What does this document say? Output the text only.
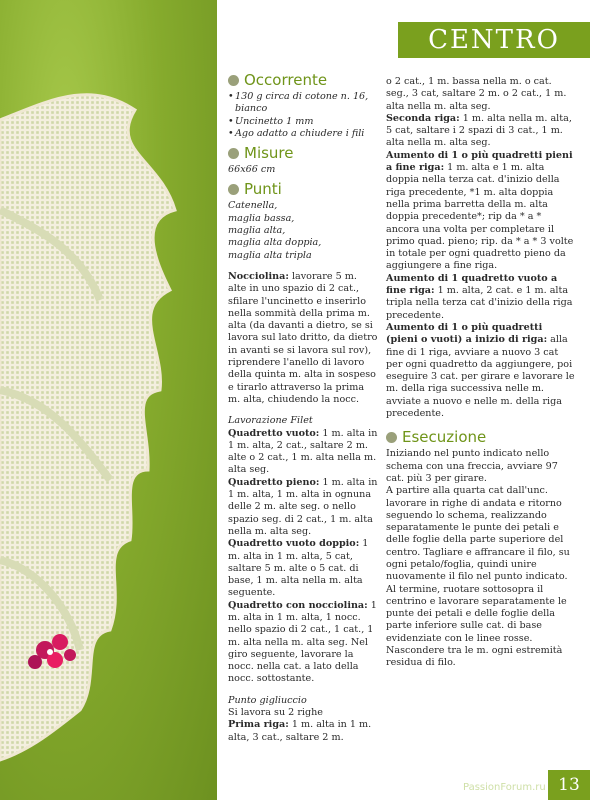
CENTRO
Occorrente
• 130 g circa di cotone n. 16, bianco
• Uncinetto 1 mm
• Ago adatto a chiudere i fili
Misure

66x66 cm

Punti

Catenella,

maglia bassa,

maglia alta,

maglia alta doppia,

maglia alta tripla

Nocciolina: lavorare 5 m. alte in uno spazio di 2 cat., sfilare l'uncinetto e inserirlo nella sommità della prima m. alta (da davanti a dietro, se si lavora sul lato dritto, da dietro in avanti se si lavora sul rov), riprendere l'anello di lavoro della quinta m. alta in sospeso e tirarlo attraverso la prima m. alta, chiudendo la nocc.

Lavorazione Filet

Quadretto vuoto: 1 m. alta in 1 m. alta, 2 cat., saltare 2 m. alte o 2 cat., 1 m. alta nella m. alta seg.

Quadretto pieno: 1 m. alta in 1 m. alta, 1 m. alta in ognuna delle 2 m. alte seg. o nello spazio seg. di 2 cat., 1 m. alta nella m. alta seg.

Quadretto vuoto doppio: 1 m. alta in 1 m. alta, 5 cat, saltare 5 m. alte o 5 cat. di base, 1 m. alta nella m. alta seguente.

Quadretto con nocciolina: 1 m. alta in 1 m. alta, 1 nocc. nello spazio di 2 cat., 1 cat., 1 m. alta nella m. alta seg. Nel giro seguente, lavorare la nocc. nella cat. a lato della nocc. sottostante.

Punto gigliuccio

Si lavora su 2 righe

Prima riga: 1 m. alta in 1 m. alta, 3 cat., saltare 2 m.

o 2 cat., 1 m. bassa nella m. o cat. seg., 3 cat, saltare 2 m. o 2 cat., 1 m. alta nella m. alta seg.

Seconda riga: 1 m. alta nella m. alta, 5 cat, saltare i 2 spazi di 3 cat., 1 m. alta nella m. alta seg.

Aumento di 1 o più quadretti pieni a fine riga: 1 m. alta e 1 m. alta doppia nella terza cat. d'inizio della riga precedente, *1 m. alta doppia nella prima barretta della m. alta doppia precedente*; rip da * a * ancora una volta per completare il primo quad. pieno; rip. da * a * 3 volte in totale per ogni quadretto pieno da aggiungere a fine riga.

Aumento di 1 quadretto vuoto a fine riga: 1 m. alta, 2 cat. e 1 m. alta tripla nella terza cat d'inizio della riga precedente.

Aumento di 1 o più quadretti (pieni o vuoti) a inizio di riga: alla fine di 1 riga, avviare a nuovo 3 cat per ogni quadretto da aggiungere, poi eseguire 3 cat. per girare e lavorare le m. della riga successiva nelle m. avviate a nuovo e nelle m. della riga precedente.

Esecuzione

Iniziando nel punto indicato nello schema con una freccia, avviare 97 cat. più 3 per girare.

A partire alla quarta cat dall'unc. lavorare in righe di andata e ritorno seguendo lo schema, realizzando separatamente le punte dei petali e delle foglie della parte superiore del centro. Tagliare e affrancare il filo, su ogni petalo/foglia, quindi unire nuovamente il filo nel punto indicato. Al termine, ruotare sottosopra il centrino e lavorare separatamente le punte dei petali e delle foglie della parte inferiore sulle cat. di base evidenziate con le linee rosse. Nascondere tra le m. ogni estremità residua di filo.

PassionForum.ru 13
